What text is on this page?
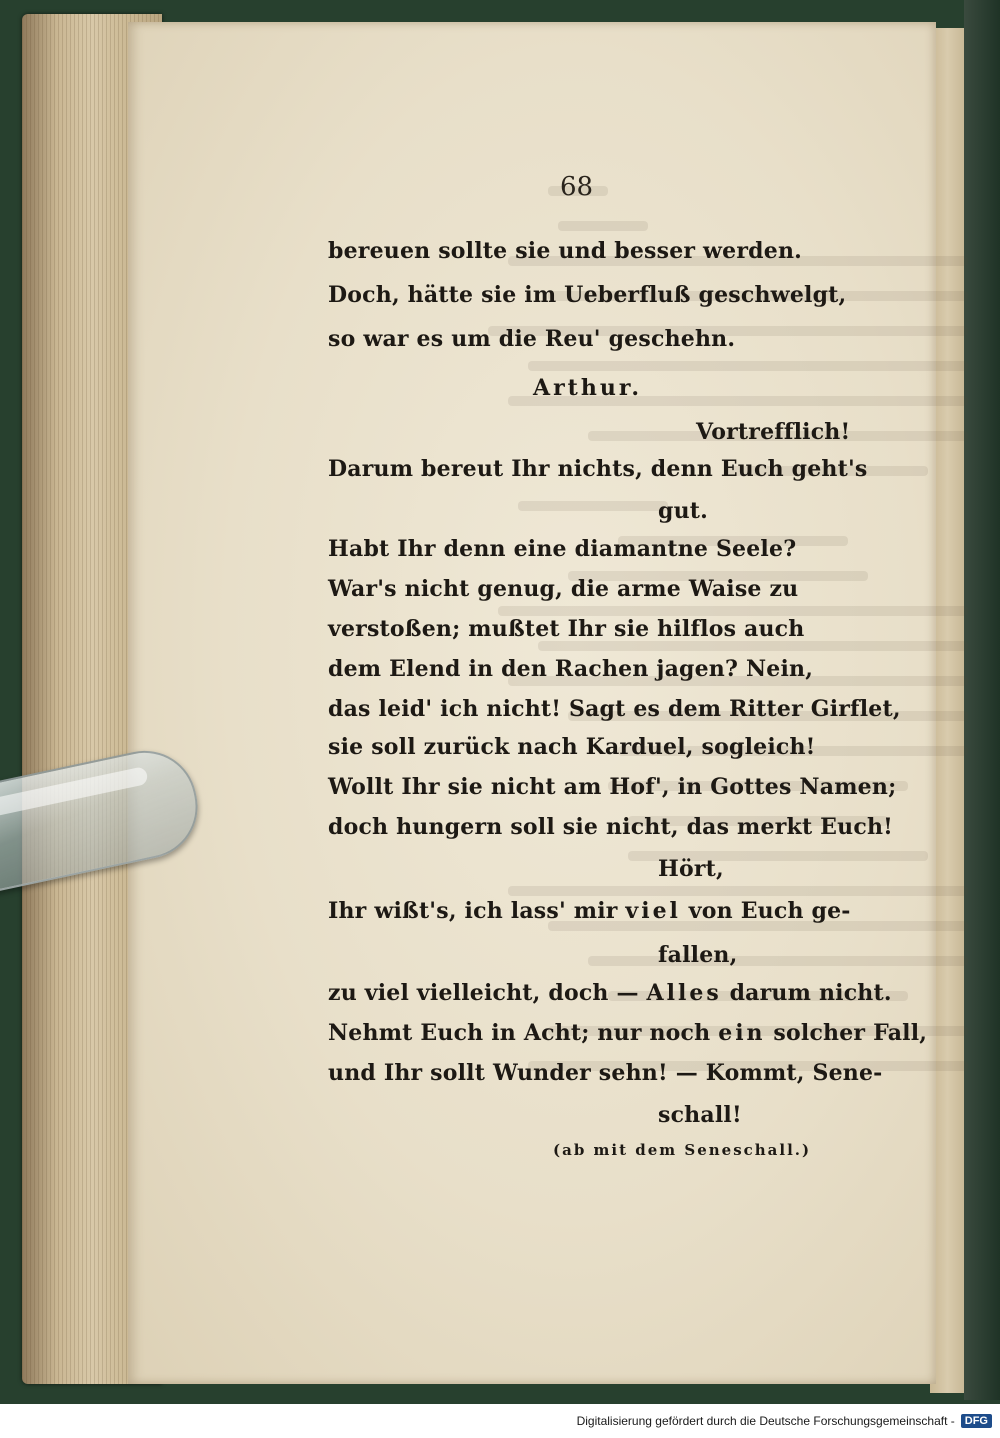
68
bereuen sollte sie und besser werden.
Doch, hätte sie im Ueberfluß geschwelgt,
so war es um die Reu' geschehn.
Arthur.
Vortrefflich!
Darum bereut Ihr nichts, denn Euch geht's
gut.
Habt Ihr denn eine diamantne Seele?
War's nicht genug, die arme Waise zu
verstoßen; mußtet Ihr sie hilflos auch
dem Elend in den Rachen jagen? Nein,
das leid' ich nicht! Sagt es dem Ritter Girflet,
sie soll zurück nach Karduel, sogleich!
Wollt Ihr sie nicht am Hof', in Gottes Namen;
doch hungern soll sie nicht, das merkt Euch!
Hört,
Ihr wißt's, ich lass' mir viel von Euch ge-
fallen,
zu viel vielleicht, doch — Alles darum nicht.
Nehmt Euch in Acht; nur noch ein solcher Fall,
und Ihr sollt Wunder sehn! — Kommt, Sene-
schall!
(ab mit dem Seneschall.)
Digitalisierung gefördert durch die Deutsche Forschungsgemeinschaft - DFG
